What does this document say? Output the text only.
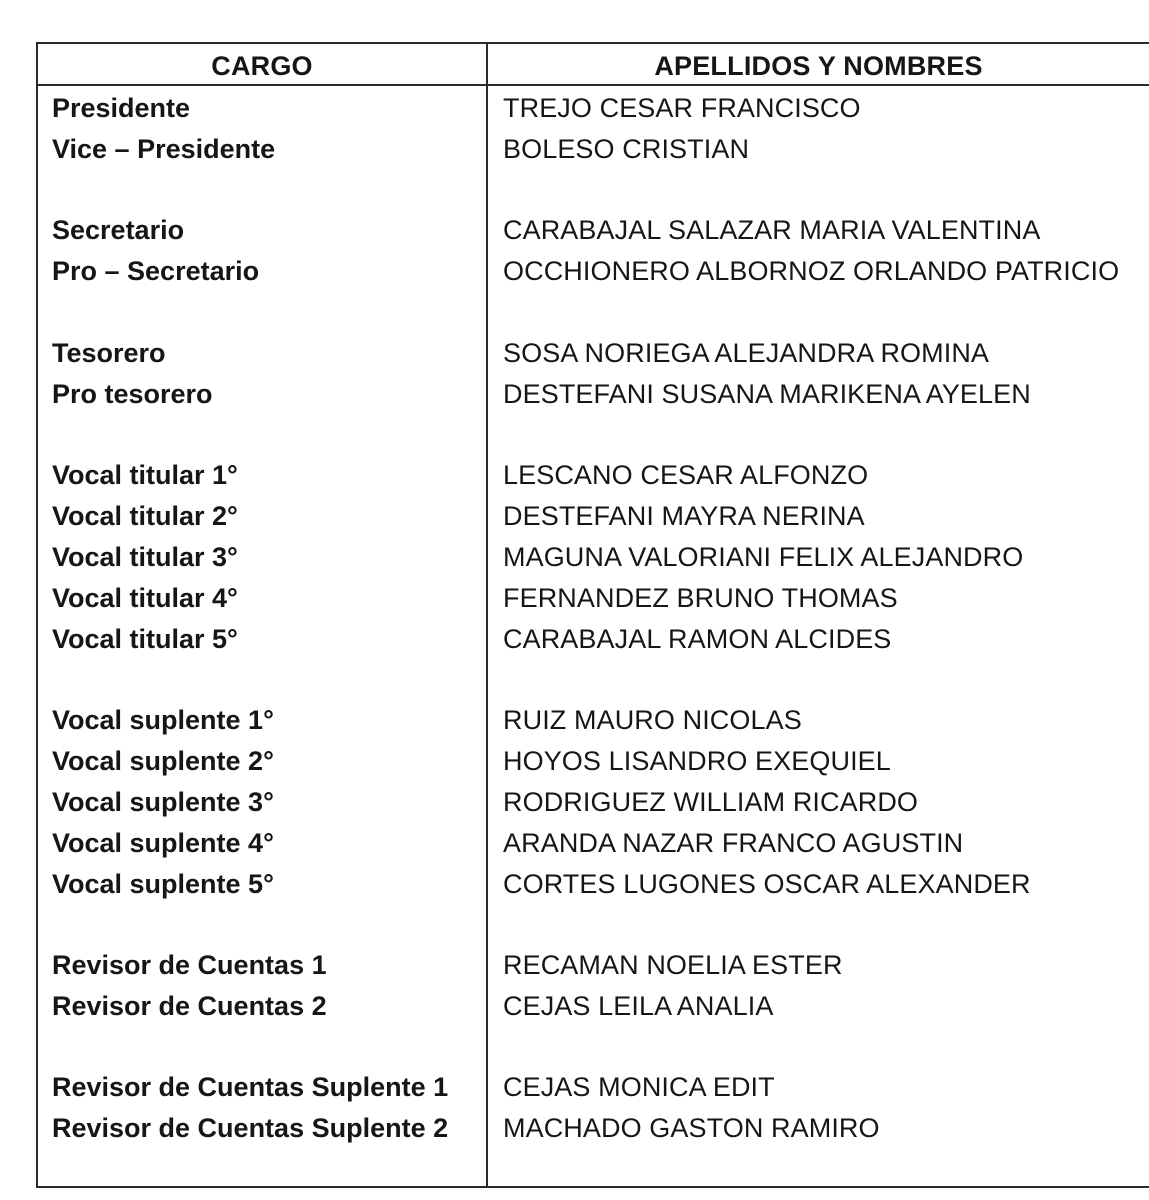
CARGO	APELLIDOS Y NOMBRES
Presidente	TREJO CESAR FRANCISCO
Vice – Presidente	BOLESO CRISTIAN
Secretario	CARABAJAL SALAZAR MARIA VALENTINA
Pro – Secretario	OCCHIONERO ALBORNOZ ORLANDO PATRICIO
Tesorero	SOSA NORIEGA ALEJANDRA ROMINA
Pro tesorero	DESTEFANI SUSANA MARIKENA AYELEN
Vocal titular 1°	LESCANO CESAR ALFONZO
Vocal titular 2°	DESTEFANI MAYRA NERINA
Vocal titular 3°	MAGUNA VALORIANI FELIX ALEJANDRO
Vocal titular 4°	FERNANDEZ BRUNO THOMAS
Vocal titular 5°	CARABAJAL RAMON ALCIDES
Vocal suplente 1°	RUIZ MAURO NICOLAS
Vocal suplente 2°	HOYOS LISANDRO EXEQUIEL
Vocal suplente 3°	RODRIGUEZ WILLIAM RICARDO
Vocal suplente 4°	ARANDA NAZAR FRANCO AGUSTIN
Vocal suplente 5°	CORTES LUGONES OSCAR ALEXANDER
Revisor de Cuentas 1	RECAMAN NOELIA ESTER
Revisor de Cuentas 2	CEJAS LEILA ANALIA
Revisor de Cuentas Suplente 1	CEJAS MONICA EDIT
Revisor de Cuentas Suplente 2	MACHADO GASTON RAMIRO
